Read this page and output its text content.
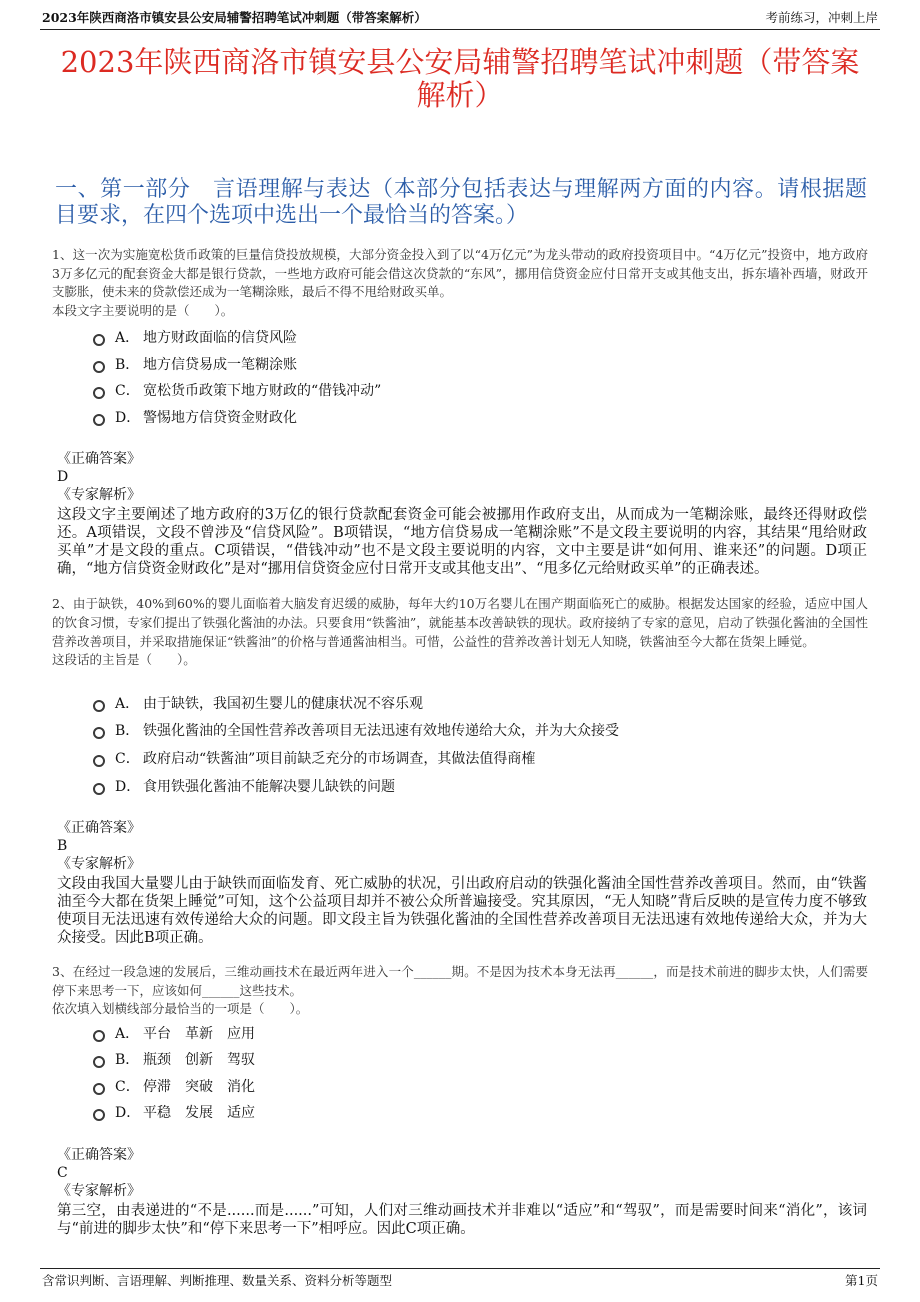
2023年陕西商洛市镇安县公安局辅警招聘笔试冲刺题（带答案解析）	考前练习，冲刺上岸
2023年陕西商洛市镇安县公安局辅警招聘笔试冲刺题（带答案解析）
一、第一部分　言语理解与表达（本部分包括表达与理解两方面的内容。请根据题目要求，在四个选项中选出一个最恰当的答案。）

1、这一次为实施宽松货币政策的巨量信贷投放规模，大部分资金投入到了以“4万亿元”为龙头带动的政府投资项目中。“4万亿元”投资中，地方政府3万多亿元的配套资金大都是银行贷款，一些地方政府可能会借这次贷款的“东风”，挪用信贷资金应付日常开支或其他支出，拆东墙补西墙，财政开支膨胀，使未来的贷款偿还成为一笔糊涂账，最后不得不甩给财政买单。

本段文字主要说明的是（　　）。

A． 地方财政面临的信贷风险
B． 地方信贷易成一笔糊涂账
C． 宽松货币政策下地方财政的“借钱冲动”
D． 警惕地方信贷资金财政化
《正确答案》
D
《专家解析》
这段文字主要阐述了地方政府的3万亿的银行贷款配套资金可能会被挪用作政府支出，从而成为一笔糊涂账，最终还得财政偿还。A项错误，文段不曾涉及“信贷风险”。B项错误，“地方信贷易成一笔糊涂账”不是文段主要说明的内容，其结果“甩给财政买单”才是文段的重点。C项错误，“借钱冲动”也不是文段主要说明的内容，文中主要是讲“如何用、谁来还”的问题。D项正确，“地方信贷资金财政化”是对“挪用信贷资金应付日常开支或其他支出”、“甩多亿元给财政买单”的正确表述。

2、由于缺铁，40%到60%的婴儿面临着大脑发育迟缓的威胁，每年大约10万名婴儿在围产期面临死亡的威胁。根据发达国家的经验，适应中国人的饮食习惯，专家们提出了铁强化酱油的办法。只要食用“铁酱油”，就能基本改善缺铁的现状。政府接纳了专家的意见，启动了铁强化酱油的全国性营养改善项目，并采取措施保证“铁酱油”的价格与普通酱油相当。可惜，公益性的营养改善计划无人知晓，铁酱油至今大都在货架上睡觉。

这段话的主旨是（　　）。

A． 由于缺铁，我国初生婴儿的健康状况不容乐观
B． 铁强化酱油的全国性营养改善项目无法迅速有效地传递给大众，并为大众接受
C． 政府启动“铁酱油”项目前缺乏充分的市场调查，其做法值得商榷
D． 食用铁强化酱油不能解决婴儿缺铁的问题
《正确答案》
B
《专家解析》
文段由我国大量婴儿由于缺铁而面临发育、死亡威胁的状况，引出政府启动的铁强化酱油全国性营养改善项目。然而，由“铁酱油至今大都在货架上睡觉”可知，这个公益项目却并不被公众所普遍接受。究其原因，“无人知晓”背后反映的是宣传力度不够致使项目无法迅速有效传递给大众的问题。即文段主旨为铁强化酱油的全国性营养改善项目无法迅速有效地传递给大众，并为大众接受。因此B项正确。

3、在经过一段急速的发展后，三维动画技术在最近两年进入一个______期。不是因为技术本身无法再______，而是技术前进的脚步太快，人们需要停下来思考一下，应该如何______这些技术。

依次填入划横线部分最恰当的一项是（　　）。

A． 平台　革新　应用
B． 瓶颈　创新　驾驭
C． 停滞　突破　消化
D． 平稳　发展　适应
《正确答案》
C
《专家解析》
第三空，由表递进的“不是......而是......”可知，人们对三维动画技术并非难以“适应”和“驾驭”，而是需要时间来“消化”，该词与“前进的脚步太快”和“停下来思考一下”相呼应。因此C项正确。
含常识判断、言语理解、判断推理、数量关系、资料分析等题型	第1页
